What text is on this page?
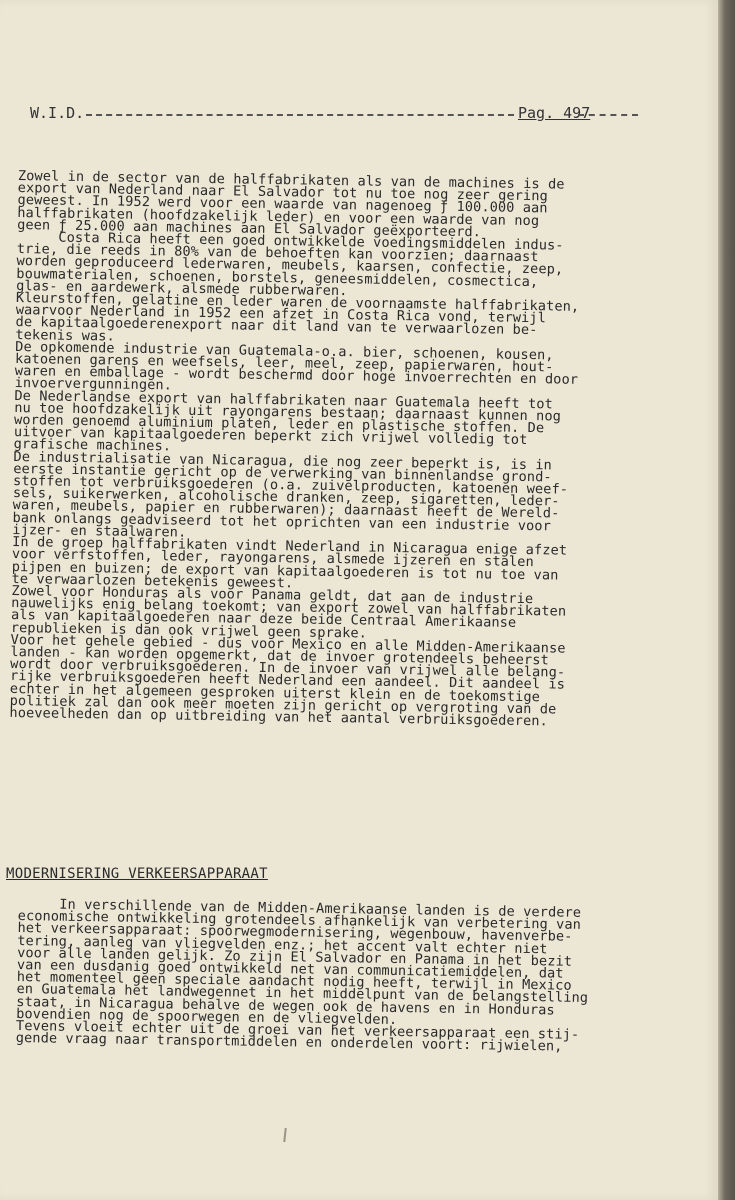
W.I.D.	Pag. 497
Zowel in de sector van de halffabrikaten als van de machines is de
export van Nederland naar El Salvador tot nu toe nog zeer gering
geweest. In 1952 werd voor een waarde van nagenoeg ƒ 100.000 aan
halffabrikaten (hoofdzakelijk leder) en voor een waarde van nog
geen ƒ 25.000 aan machines aan El Salvador geëxporteerd.
Costa Rica heeft een goed ontwikkelde voedingsmiddelen indus-
trie, die reeds in 80% van de behoeften kan voorzien; daarnaast
worden geproduceerd lederwaren, meubels, kaarsen, confectie, zeep,
bouwmaterialen, schoenen, borstels, geneesmiddelen, cosmectica,
glas- en aardewerk, alsmede rubberwaren.
Kleurstoffen, gelatine en leder waren de voornaamste halffabrikaten,
waarvoor Nederland in 1952 een afzet in Costa Rica vond, terwijl
de kapitaalgoederenexport naar dit land van te verwaarlozen be-
tekenis was.
De opkomende industrie van Guatemala-o.a. bier, schoenen, kousen,
katoenen garens en weefsels, leer, meel, zeep, papierwaren, hout-
waren en emballage - wordt beschermd door hoge invoerrechten en door
invoervergunningen.
De Nederlandse export van halffabrikaten naar Guatemala heeft tot
nu toe hoofdzakelijk uit rayongarens bestaan; daarnaast kunnen nog
worden genoemd aluminium platen, leder en plastische stoffen. De
uitvoer van kapitaalgoederen beperkt zich vrijwel volledig tot
grafische machines.
De industrialisatie van Nicaragua, die nog zeer beperkt is, is in
eerste instantie gericht op de verwerking van binnenlandse grond-
stoffen tot verbruiksgoederen (o.a. zuivelproducten, katoenen weef-
sels, suikerwerken, alcoholische dranken, zeep, sigaretten, leder-
waren, meubels, papier en rubberwaren); daarnaast heeft de Wereld-
bank onlangs geadviseerd tot het oprichten van een industrie voor
ijzer- en staalwaren.
In de groep halffabrikaten vindt Nederland in Nicaragua enige afzet
voor verfstoffen, leder, rayongarens, alsmede ijzeren en stalen
pijpen en buizen; de export van kapitaalgoederen is tot nu toe van
te verwaarlozen betekenis geweest.
Zowel voor Honduras als voor Panama geldt, dat aan de industrie
nauwelijks enig belang toekomt; van export zowel van halffabrikaten
als van kapitaalgoederen naar deze beide Centraal Amerikaanse
republieken is dan ook vrijwel geen sprake.
Voor het gehele gebied - dus voor Mexico en alle Midden-Amerikaanse
landen - kan worden opgemerkt, dat de invoer grotendeels beheerst
wordt door verbruiksgoederen. In de invoer van vrijwel alle belang-
rijke verbruiksgoederen heeft Nederland een aandeel. Dit aandeel is
echter in het algemeen gesproken uiterst klein en de toekomstige
politiek zal dan ook meer moeten zijn gericht op vergroting van de
hoeveelheden dan op uitbreiding van het aantal verbruiksgoederen.
MODERNISERING VERKEERSAPPARAAT
In verschillende van de Midden-Amerikaanse landen is de verdere
economische ontwikkeling grotendeels afhankelijk van verbetering van
het verkeersapparaat: spoorwegmodernisering, wegenbouw, havenverbe-
tering, aanleg van vliegvelden enz.; het accent valt echter niet
voor alle landen gelijk. Zo zijn El Salvador en Panama in het bezit
van een dusdanig goed ontwikkeld net van communicatiemiddelen, dat
het momenteel geen speciale aandacht nodig heeft, terwijl in Mexico
en Guatemala het landwegennet in het middelpunt van de belangstelling
staat, in Nicaragua behalve de wegen ook de havens en in Honduras
bovendien nog de spoorwegen en de vliegvelden.
Tevens vloeit echter uit de groei van het verkeersapparaat een stij-
gende vraag naar transportmiddelen en onderdelen voort: rijwielen,
